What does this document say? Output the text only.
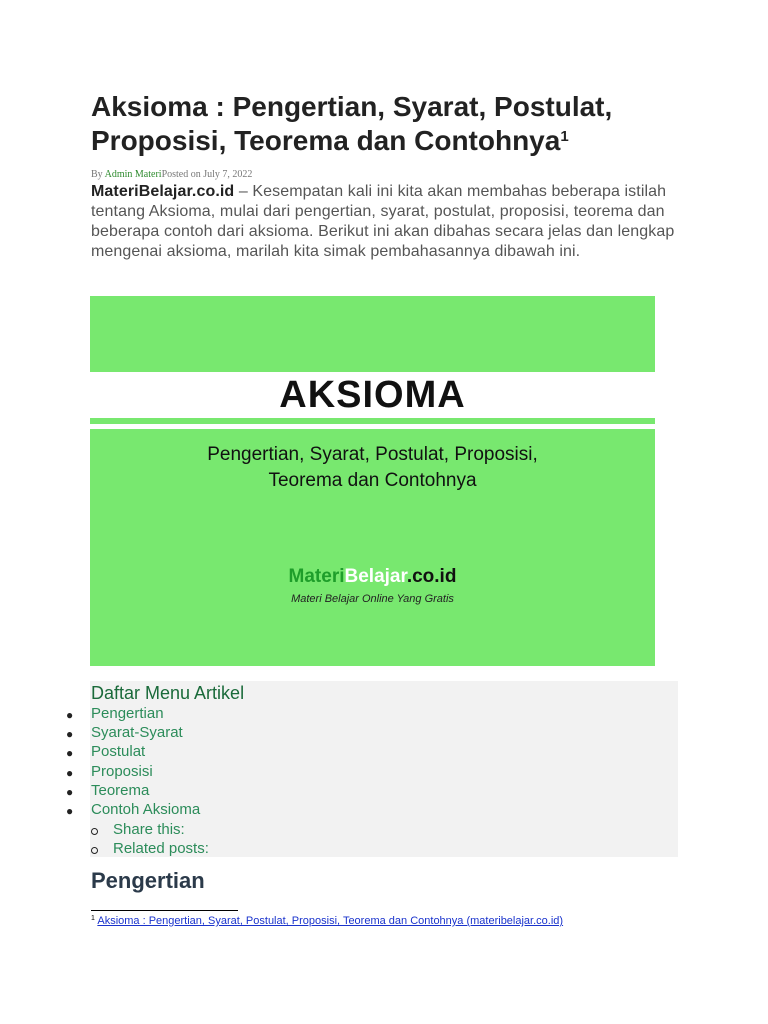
Aksioma : Pengertian, Syarat, Postulat, Proposisi, Teorema dan Contohnya$^1$
By Admin MateriPosted on July 7, 2022
MateriBelajar.co.id – Kesempatan kali ini kita akan membahas beberapa istilah tentang Aksioma, mulai dari pengertian, syarat, postulat, proposisi, teorema dan beberapa contoh dari aksioma. Berikut ini akan dibahas secara jelas dan lengkap mengenai aksioma, marilah kita simak pembahasannya dibawah ini.
AKSIOMA
Pengertian, Syarat, Postulat, Proposisi,
Teorema dan Contohnya
MateriBelajar.co.id
Materi Belajar Online Yang Gratis
Daftar Menu Artikel
● Pengertian
● Syarat-Syarat
● Postulat
● Proposisi
● Teorema
● Contoh Aksioma
Share this:
Related posts:
Pengertian
$^1$ Aksioma : Pengertian, Syarat, Postulat, Proposisi, Teorema dan Contohnya (materibelajar.co.id)
